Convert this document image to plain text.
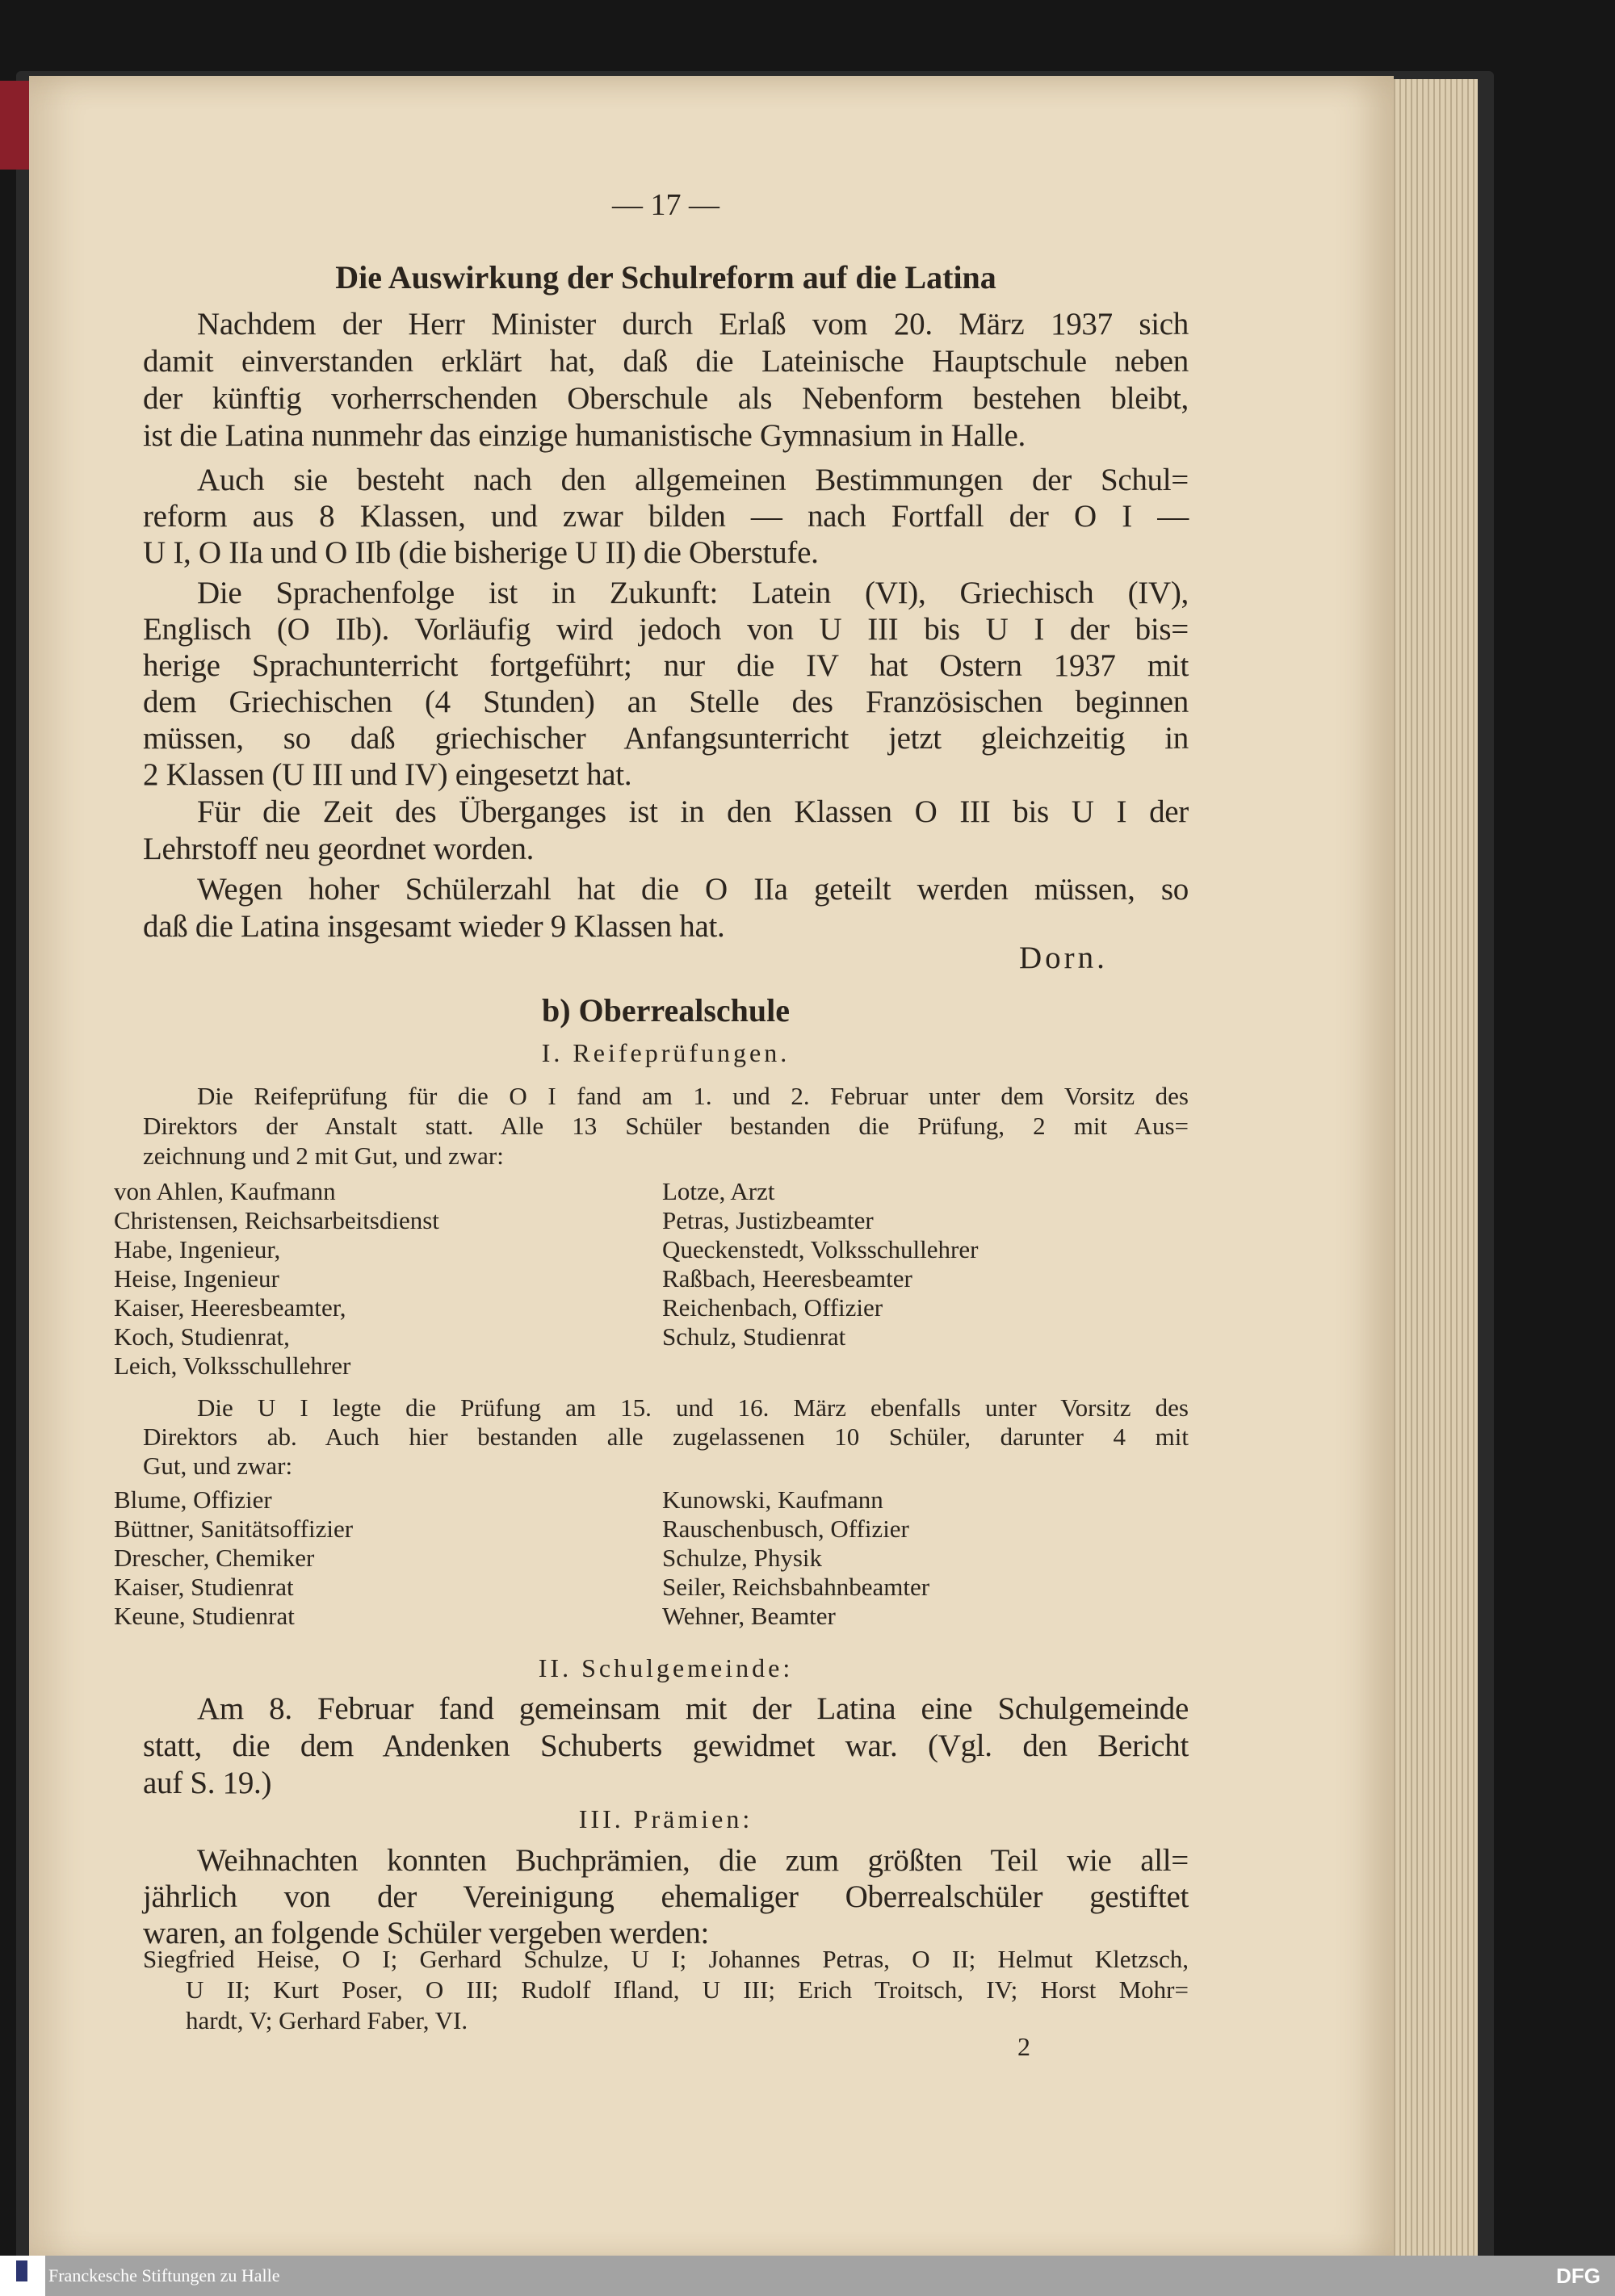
— 17 —
Die Auswirkung der Schulreform auf die Latina
Dorn.
b) Oberrealschule
I. Reifeprüfungen.
II. Schulgemeinde:
III. Prämien:
2
Nachdem der Herr Minister durch Erlaß vom 20. März 1937 sich
damit einverstanden erklärt hat, daß die Lateinische Hauptschule neben
der künftig vorherrschenden Oberschule als Nebenform bestehen bleibt,
ist die Latina nunmehr das einzige humanistische Gymnasium in Halle.
Auch sie besteht nach den allgemeinen Bestimmungen der Schul=
reform aus 8 Klassen, und zwar bilden — nach Fortfall der O I —
U I, O IIa und O IIb (die bisherige U II) die Oberstufe.
Die Sprachenfolge ist in Zukunft: Latein (VI), Griechisch (IV),
Englisch (O IIb). Vorläufig wird jedoch von U III bis U I der bis=
herige Sprachunterricht fortgeführt; nur die IV hat Ostern 1937 mit
dem Griechischen (4 Stunden) an Stelle des Französischen beginnen
müssen, so daß griechischer Anfangsunterricht jetzt gleichzeitig in
2 Klassen (U III und IV) eingesetzt hat.
Für die Zeit des Überganges ist in den Klassen O III bis U I der
Lehrstoff neu geordnet worden.
Wegen hoher Schülerzahl hat die O IIa geteilt werden müssen, so
daß die Latina insgesamt wieder 9 Klassen hat.
Die Reifeprüfung für die O I fand am 1. und 2. Februar unter dem Vorsitz des
Direktors der Anstalt statt. Alle 13 Schüler bestanden die Prüfung, 2 mit Aus=
zeichnung und 2 mit Gut, und zwar:
Die U I legte die Prüfung am 15. und 16. März ebenfalls unter Vorsitz des
Direktors ab. Auch hier bestanden alle zugelassenen 10 Schüler, darunter 4 mit
Gut, und zwar:
Am 8. Februar fand gemeinsam mit der Latina eine Schulgemeinde
statt, die dem Andenken Schuberts gewidmet war. (Vgl. den Bericht
auf S. 19.)
Weihnachten konnten Buchprämien, die zum größten Teil wie all=
jährlich von der Vereinigung ehemaliger Oberrealschüler gestiftet
waren, an folgende Schüler vergeben werden:
Siegfried Heise, O I; Gerhard Schulze, U I; Johannes Petras, O II; Helmut Kletzsch,
U II; Kurt Poser, O III; Rudolf Ifland, U III; Erich Troitsch, IV; Horst Mohr=
hardt, V; Gerhard Faber, VI.
von Ahlen, Kaufmann
Christensen, Reichsarbeitsdienst
Habe, Ingenieur,
Heise, Ingenieur
Kaiser, Heeresbeamter,
Koch, Studienrat,
Leich, Volksschullehrer
Lotze, Arzt
Petras, Justizbeamter
Queckenstedt, Volksschullehrer
Raßbach, Heeresbeamter
Reichenbach, Offizier
Schulz, Studienrat
Blume, Offizier
Büttner, Sanitätsoffizier
Drescher, Chemiker
Kaiser, Studienrat
Keune, Studienrat
Kunowski, Kaufmann
Rauschenbusch, Offizier
Schulze, Physik
Seiler, Reichsbahnbeamter
Wehner, Beamter
Franckesche Stiftungen zu Halle	DFG
